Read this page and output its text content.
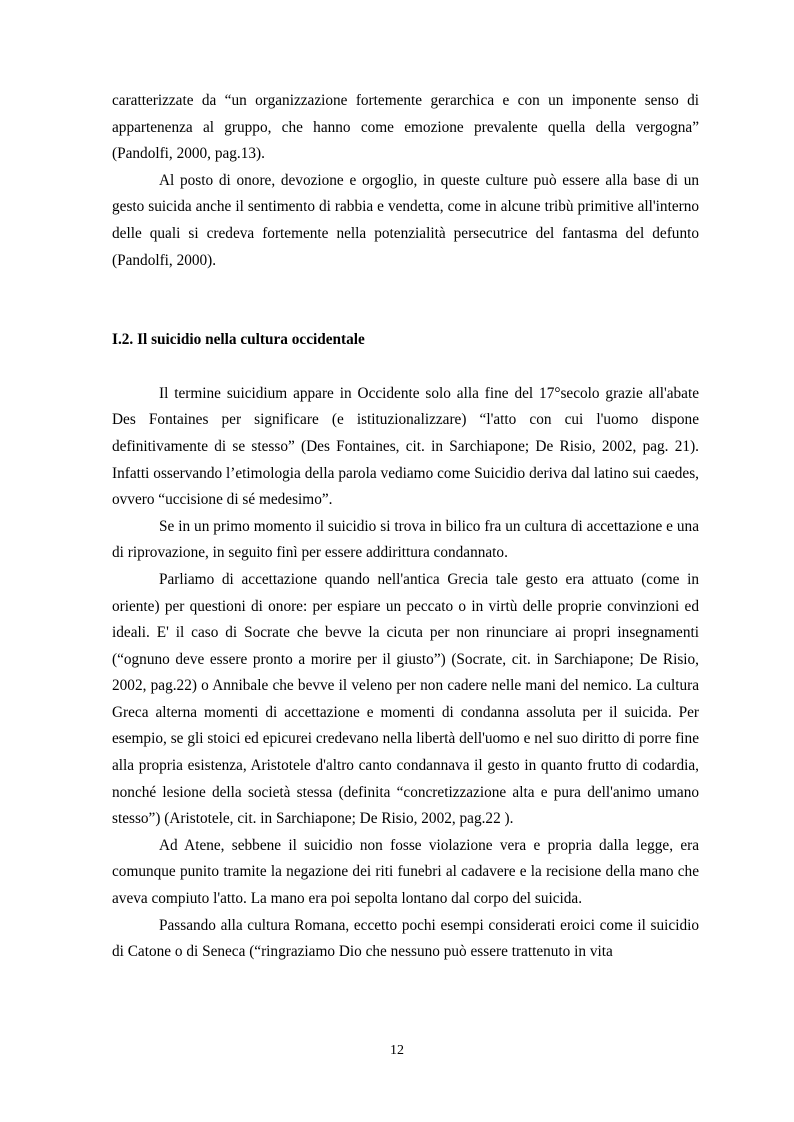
caratterizzate da “un organizzazione fortemente gerarchica e con un imponente senso di appartenenza al gruppo, che hanno come emozione prevalente quella della vergogna” (Pandolfi, 2000, pag.13).

Al posto di onore, devozione e orgoglio, in queste culture può essere alla base di un gesto suicida anche il sentimento di rabbia e vendetta, come in alcune tribù primitive all'interno delle quali si credeva fortemente nella potenzialità persecutrice del fantasma del defunto (Pandolfi, 2000).

I.2. Il suicidio nella cultura occidentale

Il termine suicidium appare in Occidente solo alla fine del 17°secolo grazie all'abate Des Fontaines per significare (e istituzionalizzare) “l'atto con cui l'uomo dispone definitivamente di se stesso” (Des Fontaines, cit. in Sarchiapone; De Risio, 2002, pag. 21). Infatti osservando l’etimologia della parola vediamo come Suicidio deriva dal latino sui caedes, ovvero “uccisione di sé medesimo”.

Se in un primo momento il suicidio si trova in bilico fra un cultura di accettazione e una di riprovazione, in seguito finì per essere addirittura condannato.

Parliamo di accettazione quando nell'antica Grecia tale gesto era attuato (come in oriente) per questioni di onore: per espiare un peccato o in virtù delle proprie convinzioni ed ideali. E' il caso di Socrate che bevve la cicuta per non rinunciare ai propri insegnamenti (“ognuno deve essere pronto a morire per il giusto”) (Socrate, cit. in Sarchiapone; De Risio, 2002, pag.22) o Annibale che bevve il veleno per non cadere nelle mani del nemico. La cultura Greca alterna momenti di accettazione e momenti di condanna assoluta per il suicida. Per esempio, se gli stoici ed epicurei credevano nella libertà dell'uomo e nel suo diritto di porre fine alla propria esistenza, Aristotele d'altro canto condannava il gesto in quanto frutto di codardia, nonché lesione della società stessa (definita “concretizzazione alta e pura dell'animo umano stesso”) (Aristotele, cit. in Sarchiapone; De Risio, 2002, pag.22 ).

Ad Atene, sebbene il suicidio non fosse violazione vera e propria dalla legge, era comunque punito tramite la negazione dei riti funebri al cadavere e la recisione della mano che aveva compiuto l'atto. La mano era poi sepolta lontano dal corpo del suicida.

Passando alla cultura Romana, eccetto pochi esempi considerati eroici come il suicidio di Catone o di Seneca (“ringraziamo Dio che nessuno può essere trattenuto in vita

12
